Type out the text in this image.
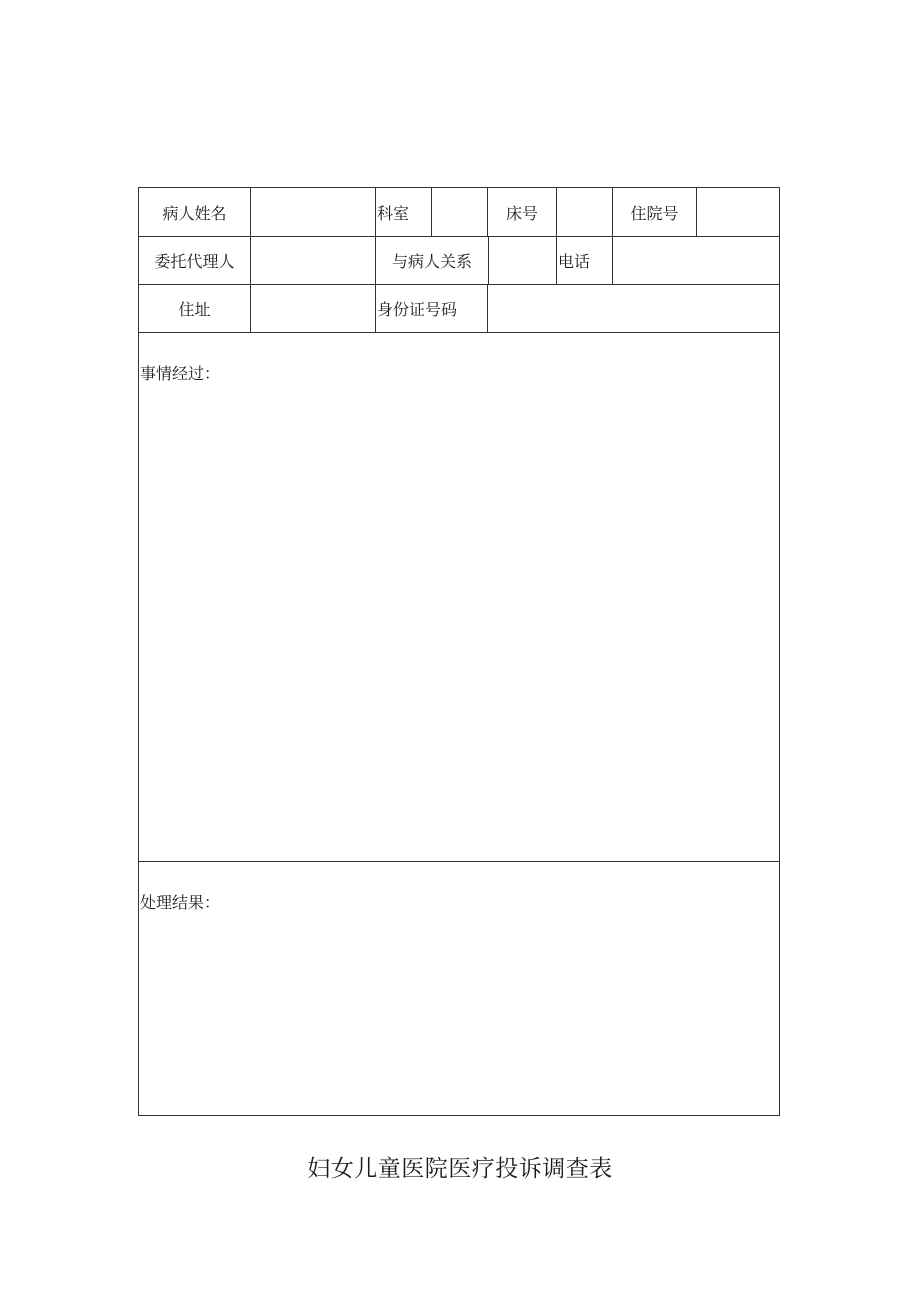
病人姓名	科室	床号	住院号
委托代理人	与病人关系	电话
住址	身份证号码
事情经过：
处理结果：
妇女儿童医院医疗投诉调查表
